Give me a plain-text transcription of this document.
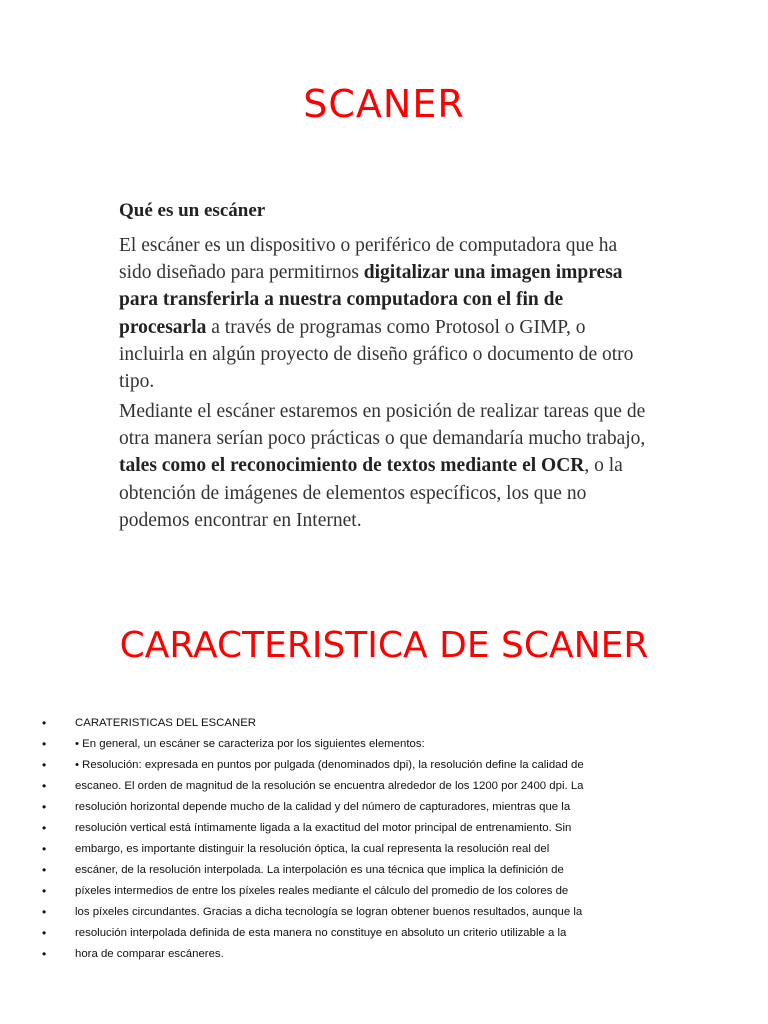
SCANER
Qué es un escáner
El escáner es un dispositivo o periférico de computadora que ha sido diseñado para permitirnos digitalizar una imagen impresa para transferirla a nuestra computadora con el fin de procesarla a través de programas como Protosol o GIMP, o incluirla en algún proyecto de diseño gráfico o documento de otro tipo.
Mediante el escáner estaremos en posición de realizar tareas que de otra manera serían poco prácticas o que demandaría mucho trabajo, tales como el reconocimiento de textos mediante el OCR, o la obtención de imágenes de elementos específicos, los que no podemos encontrar en Internet.
CARACTERISTICA DE SCANER
•	CARATERISTICAS DEL ESCANER
•	• En general, un escáner se caracteriza por los siguientes elementos:
•	• Resolución: expresada en puntos por pulgada (denominados dpi), la resolución define la calidad de
•	escaneo. El orden de magnitud de la resolución se encuentra alrededor de los 1200 por 2400 dpi. La
•	resolución horizontal depende mucho de la calidad y del número de capturadores, mientras que la
•	resolución vertical está íntimamente ligada a la exactitud del motor principal de entrenamiento. Sin
•	embargo, es importante distinguir la resolución óptica, la cual representa la resolución real del
•	escáner, de la resolución interpolada. La interpolación es una técnica que implica la definición de
•	píxeles intermedios de entre los píxeles reales mediante el cálculo del promedio de los colores de
•	los píxeles circundantes. Gracias a dicha tecnología se logran obtener buenos resultados, aunque la
•	resolución interpolada definida de esta manera no constituye en absoluto un criterio utilizable a la
•	hora de comparar escáneres.
